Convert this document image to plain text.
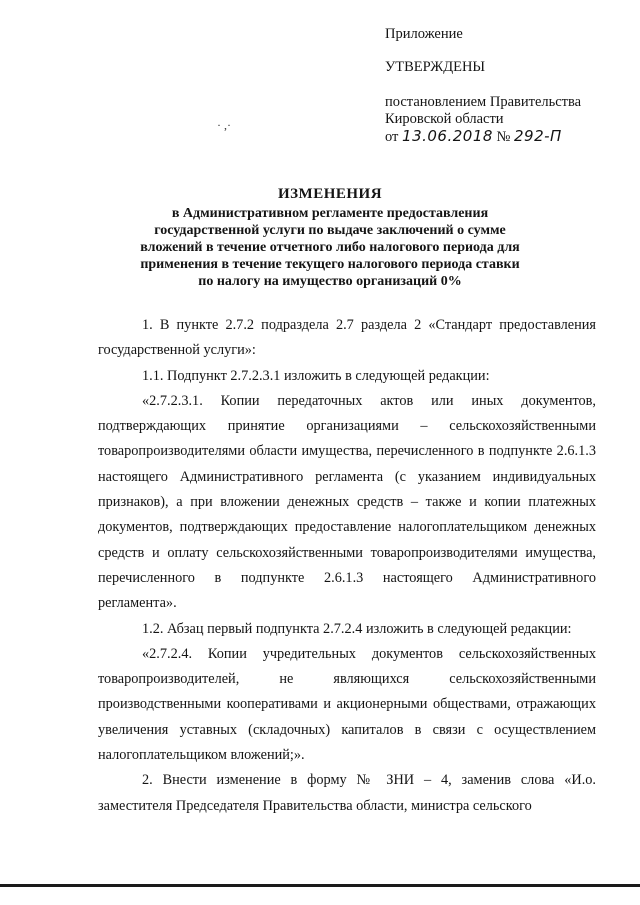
Приложение
УТВЕРЖДЕНЫ
постановлением Правительства
Кировской области
от 13.06.2018 № 292-П
· ,·
ИЗМЕНЕНИЯ
в Административном регламенте предоставления
государственной услуги по выдаче заключений о сумме
вложений в течение отчетного либо налогового периода для
применения в течение текущего налогового периода ставки
по налогу на имущество организаций 0%

1. В пункте 2.7.2 подраздела 2.7 раздела 2 «Стандарт предоставления государственной услуги»:

1.1. Подпункт 2.7.2.3.1 изложить в следующей редакции:

«2.7.2.3.1. Копии передаточных актов или иных документов, подтверждающих принятие организациями – сельскохозяйственными товаропроизводителями области имущества, перечисленного в подпункте 2.6.1.3 настоящего Административного регламента (с указанием индивидуальных признаков), а при вложении денежных средств – также и копии платежных документов, подтверждающих предоставление налогоплательщиком денежных средств и оплату сельскохозяйственными товаропроизводителями имущества, перечисленного в подпункте 2.6.1.3 настоящего Административного регламента».

1.2. Абзац первый подпункта 2.7.2.4 изложить в следующей редакции:

«2.7.2.4. Копии учредительных документов сельскохозяйственных товаропроизводителей, не являющихся сельскохозяйственными производственными кооперативами и акционерными обществами, отражающих увеличения уставных (складочных) капиталов в связи с осуществлением налогоплательщиком вложений;».

2. Внести изменение в форму № ЗНИ – 4, заменив слова «И.о. заместителя Председателя Правительства области, министра сельского
